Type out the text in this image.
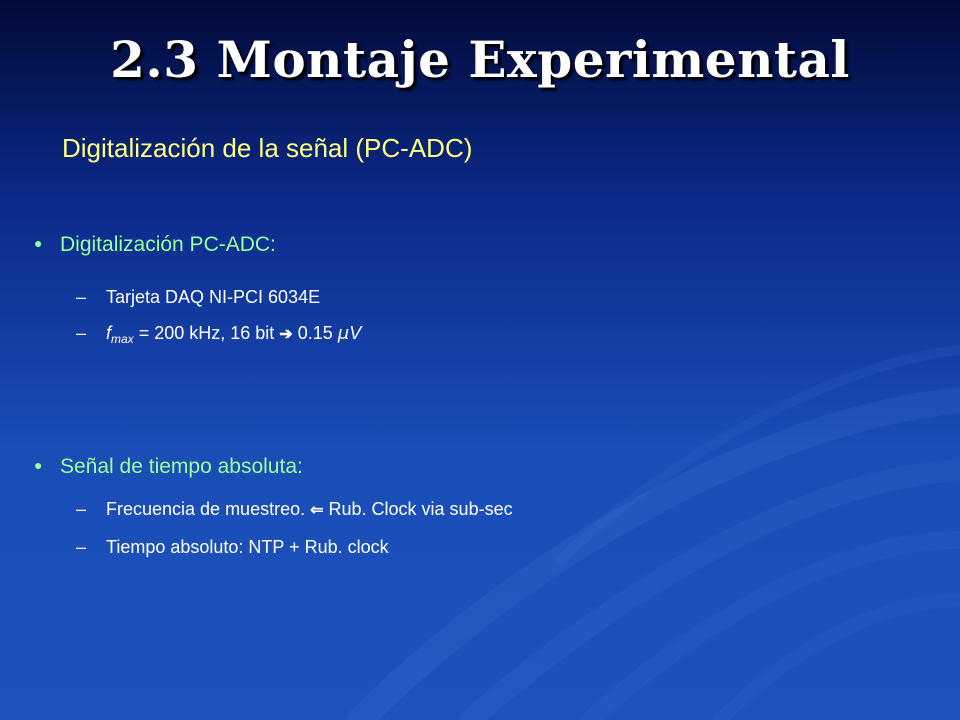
2.3 Montaje Experimental
Digitalización de la señal (PC-ADC)
● Digitalización PC-ADC:
– Tarjeta DAQ NI-PCI 6034E
– $f_{max} = 200$ kHz, 16 bit ➔ 0.15 μV
● Señal de tiempo absoluta:
– Frecuencia de muestreo. ⇐ Rub. Clock via sub-sec
– Tiempo absoluto: NTP + Rub. clock
